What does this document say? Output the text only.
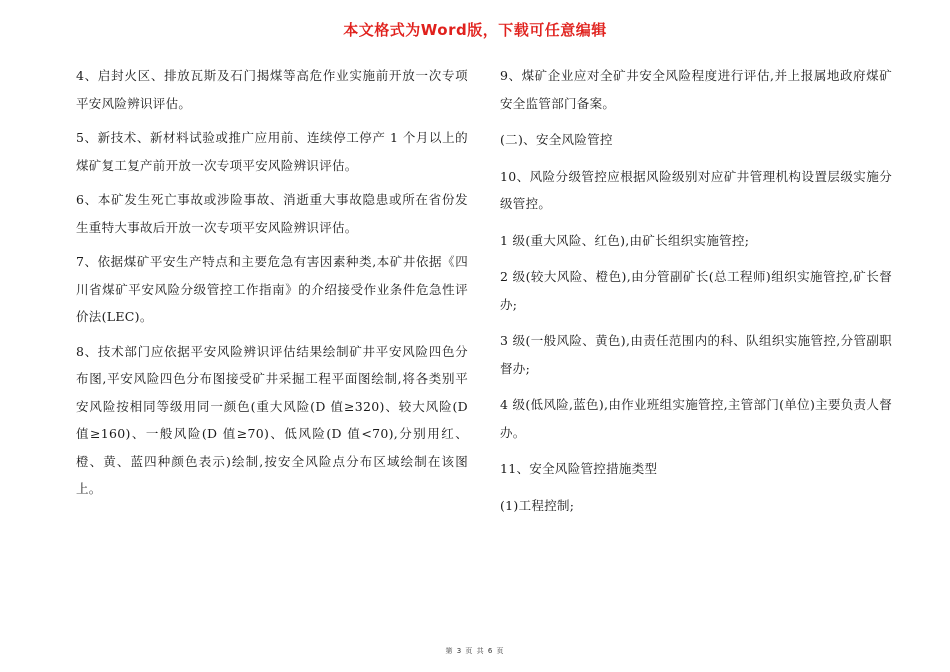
本文格式为Word版，下载可任意编辑

4、启封火区、排放瓦斯及石门揭煤等高危作业实施前开放一次专项平安风险辨识评估。

5、新技术、新材料试验或推广应用前、连续停工停产 1 个月以上的煤矿复工复产前开放一次专项平安风险辨识评估。

6、本矿发生死亡事故或涉险事故、消逝重大事故隐患或所在省份发生重特大事故后开放一次专项平安风险辨识评估。

7、依据煤矿平安生产特点和主要危急有害因素种类,本矿井依据《四川省煤矿平安风险分级管控工作指南》的介绍接受作业条件危急性评价法(LEC)。

8、技术部门应依据平安风险辨识评估结果绘制矿井平安风险四色分布图,平安风险四色分布图接受矿井采掘工程平面图绘制,将各类别平安风险按相同等级用同一颜色(重大风险(D 值≥320)、较大风险(D 值≥160)、一般风险(D 值≥70)、低风险(D 值<70),分别用红、橙、黄、蓝四种颜色表示)绘制,按安全风险点分布区域绘制在该图上。

9、煤矿企业应对全矿井安全风险程度进行评估,并上报属地政府煤矿安全监管部门备案。

(二)、安全风险管控

10、风险分级管控应根据风险级别对应矿井管理机构设置层级实施分级管控。

1 级(重大风险、红色),由矿长组织实施管控;

2 级(较大风险、橙色),由分管副矿长(总工程师)组织实施管控,矿长督办;

3 级(一般风险、黄色),由责任范围内的科、队组织实施管控,分管副职督办;

4 级(低风险,蓝色),由作业班组实施管控,主管部门(单位)主要负责人督办。

11、安全风险管控措施类型

(1)工程控制;

第 3 页 共 6 页
